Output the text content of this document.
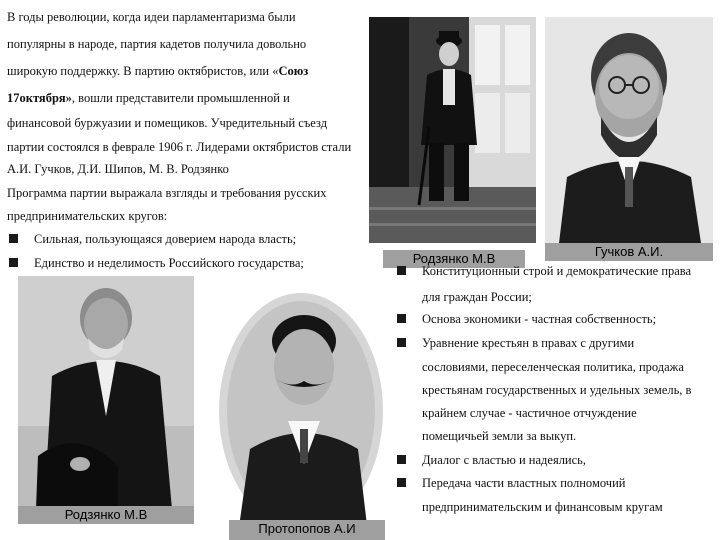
В годы революции, когда идеи парламентаризма были
популярны в народе, партия кадетов получила довольно
широкую поддержку. В партию октябристов, или «Союз
17октября», вошли представители промышленной и
финансовой буржуазии и помещиков. Учредительный съезд
партии состоялся в феврале 1906 г. Лидерами октябристов стали
А.И. Гучков, Д.И. Шипов, М. В. Родзянко
Программа партии выражала взгляды и требования русских
предпринимательских кругов:
Сильная, пользующаяся доверием народа власть;
Единство и неделимость Российского государства;	Родзянко М.В	Гучков А.И.
Конституционный строй и демократические права
для граждан России;
Основа экономики - частная собственность;
Уравнение крестьян в правах с другими
сословиями, переселенческая политика, продажа
крестьянам государственных и удельных земель, в
крайнем случае - частичное отчуждение
помещичьей земли за выкуп.
Диалог с властью и надеялись,
Передача части властных полномочий
предпринимательским и финансовым кругам
Родзянко М.В
Протопопов А.И
